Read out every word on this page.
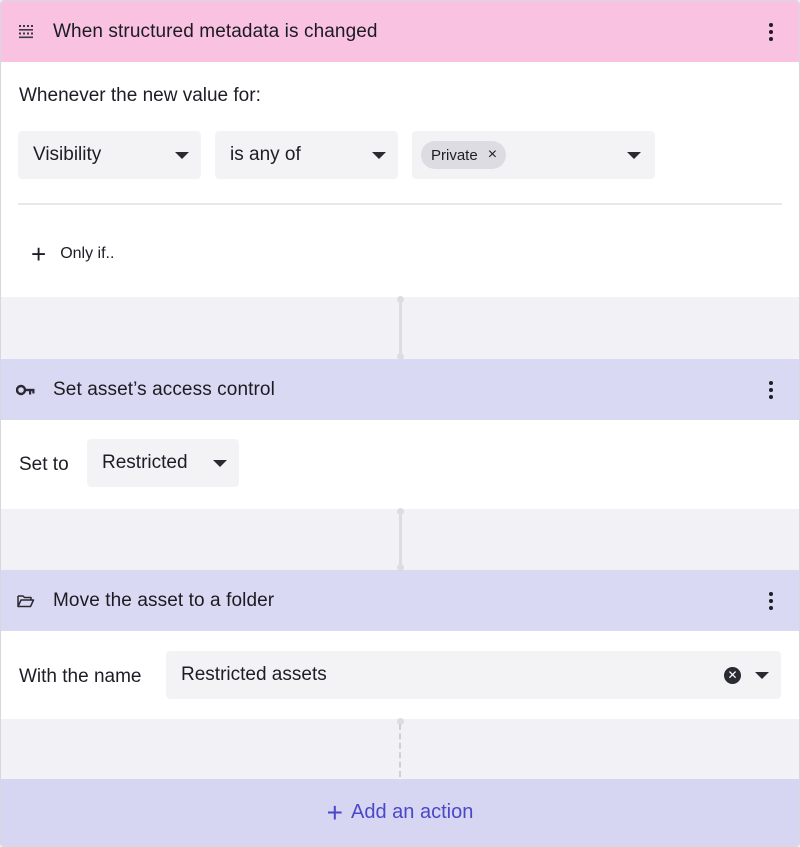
When structured metadata is changed
Whenever the new value for:
Visibility	is any of	Private ×
+ Only if..
Set asset’s access control
Set to Restricted
Move the asset to a folder
With the name Restricted assets	✕
+ Add an action
